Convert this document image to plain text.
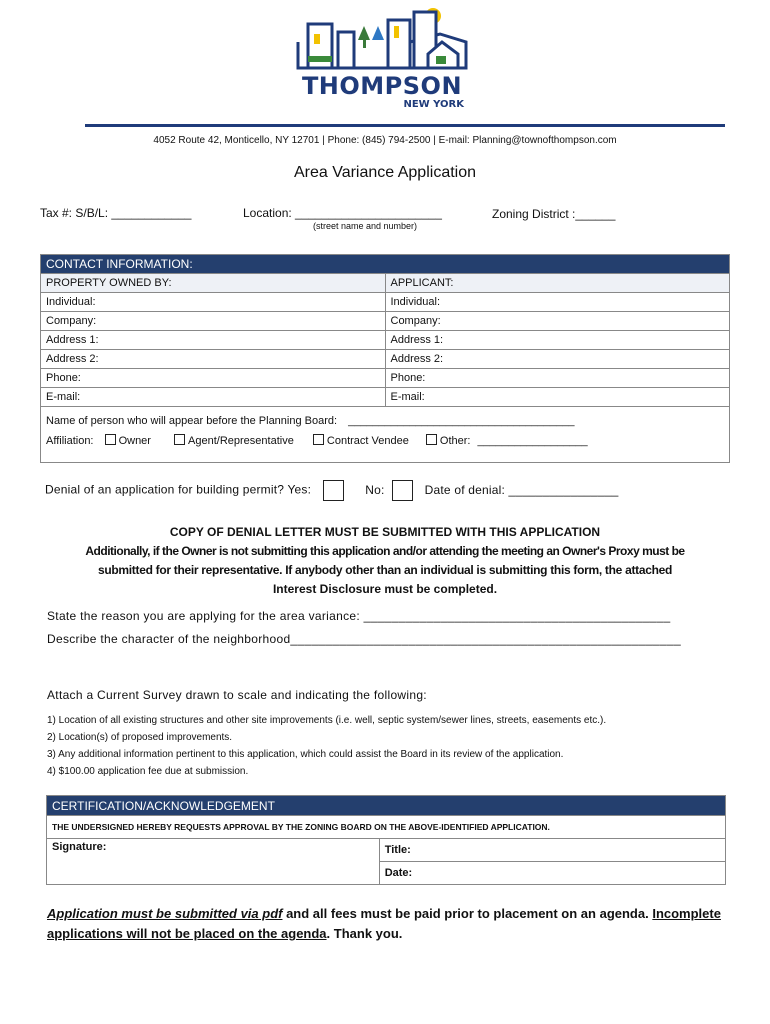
THOMPSON
NEW YORK
4052 Route 42, Monticello, NY 12701 | Phone: (845) 794-2500 | E-mail: Planning@townofthompson.com
Area Variance Application
Tax #: S/B/L: ____________	Location: ______________________
(street name and number)
Zoning District :______
CONTACT INFORMATION:	
PROPERTY OWNED BY:	APPLICANT:
Individual:	Individual:
Company:	Company:
Address 1:	Address 1:
Address 2:	Address 2:
Phone:	Phone:
E-mail:	E-mail:
Name of person who will appear before the Planning Board: _____________________________________
Affiliation: Owner	Agent/Representative	Contract Vendee	Other: __________________
Denial of an application for building permit? Yes:	No:	Date of denial: ________________
COPY OF DENIAL LETTER MUST BE SUBMITTED WITH THIS APPLICATION
Additionally, if the Owner is not submitting this application and/or attending the meeting an Owner's Proxy must be
submitted for their representative. If anybody other than an individual is submitting this form, the attached
Interest Disclosure must be completed.
State the reason you are applying for the area variance: ____________________________________________
Describe the character of the neighborhood________________________________________________________
Attach a Current Survey drawn to scale and indicating the following:
1) Location of all existing structures and other site improvements (i.e. well, septic system/sewer lines, streets, easements etc.).
2) Location(s) of proposed improvements.
3) Any additional information pertinent to this application, which could assist the Board in its review of the application.
4) $100.00 application fee due at submission.
CERTIFICATION/ACKNOWLEDGEMENT
THE UNDERSIGNED HEREBY REQUESTS APPROVAL BY THE ZONING BOARD ON THE ABOVE-IDENTIFIED APPLICATION.
Signature:	Title:
Date:
Application must be submitted via pdf and all fees must be paid prior to placement on an agenda. Incomplete applications will not be placed on the agenda. Thank you.
